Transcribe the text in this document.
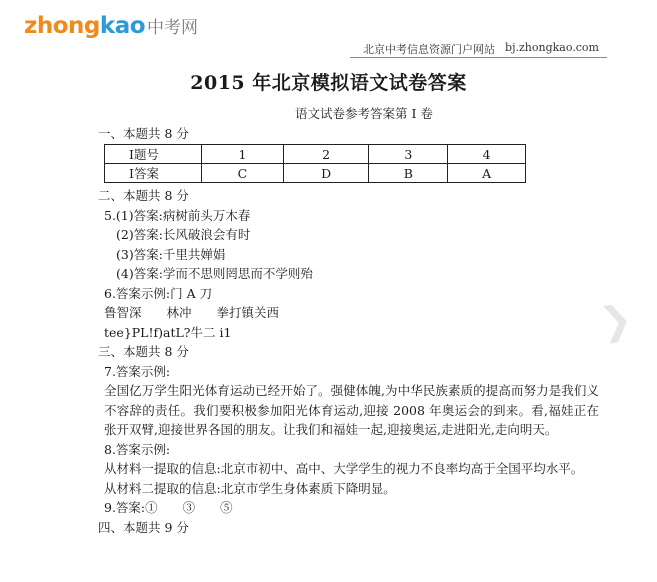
zhong kao 中考网
北京中考信息资源门户网站 bj.zhongkao.com
2015 年北京模拟语文试卷答案
语文试卷参考答案第 I 卷
一、本题共 8 分
I题号	1	2	3	4
I答案	C	D	B	A
二、本题共 8 分
5.(1)答案:病树前头万木春
(2)答案:长风破浪会有时
(3)答案:千里共婵娟
(4)答案:学而不思则罔思而不学则殆
6.答案示例:门 A 刀
鲁智深　　林冲　　拳打镇关西
tee}PL!f)atL?牛二 i1
三、本题共 8 分
7.答案示例:
全国亿万学生阳光体育运动已经开始了。强健体魄,为中华民族素质的提高而努力是我们义不容辞的责任。我们要积极参加阳光体育运动,迎接 2008 年奥运会的到来。看,福娃正在张开双臂,迎接世界各国的朋友。让我们和福娃一起,迎接奥运,走进阳光,走向明天。
8.答案示例:
从材料一提取的信息:北京市初中、高中、大学学生的视力不良率均高于全国平均水平。
从材料二提取的信息:北京市学生身体素质下降明显。
9.答案:①　　③　　⑤
四、本题共 9 分
❯
